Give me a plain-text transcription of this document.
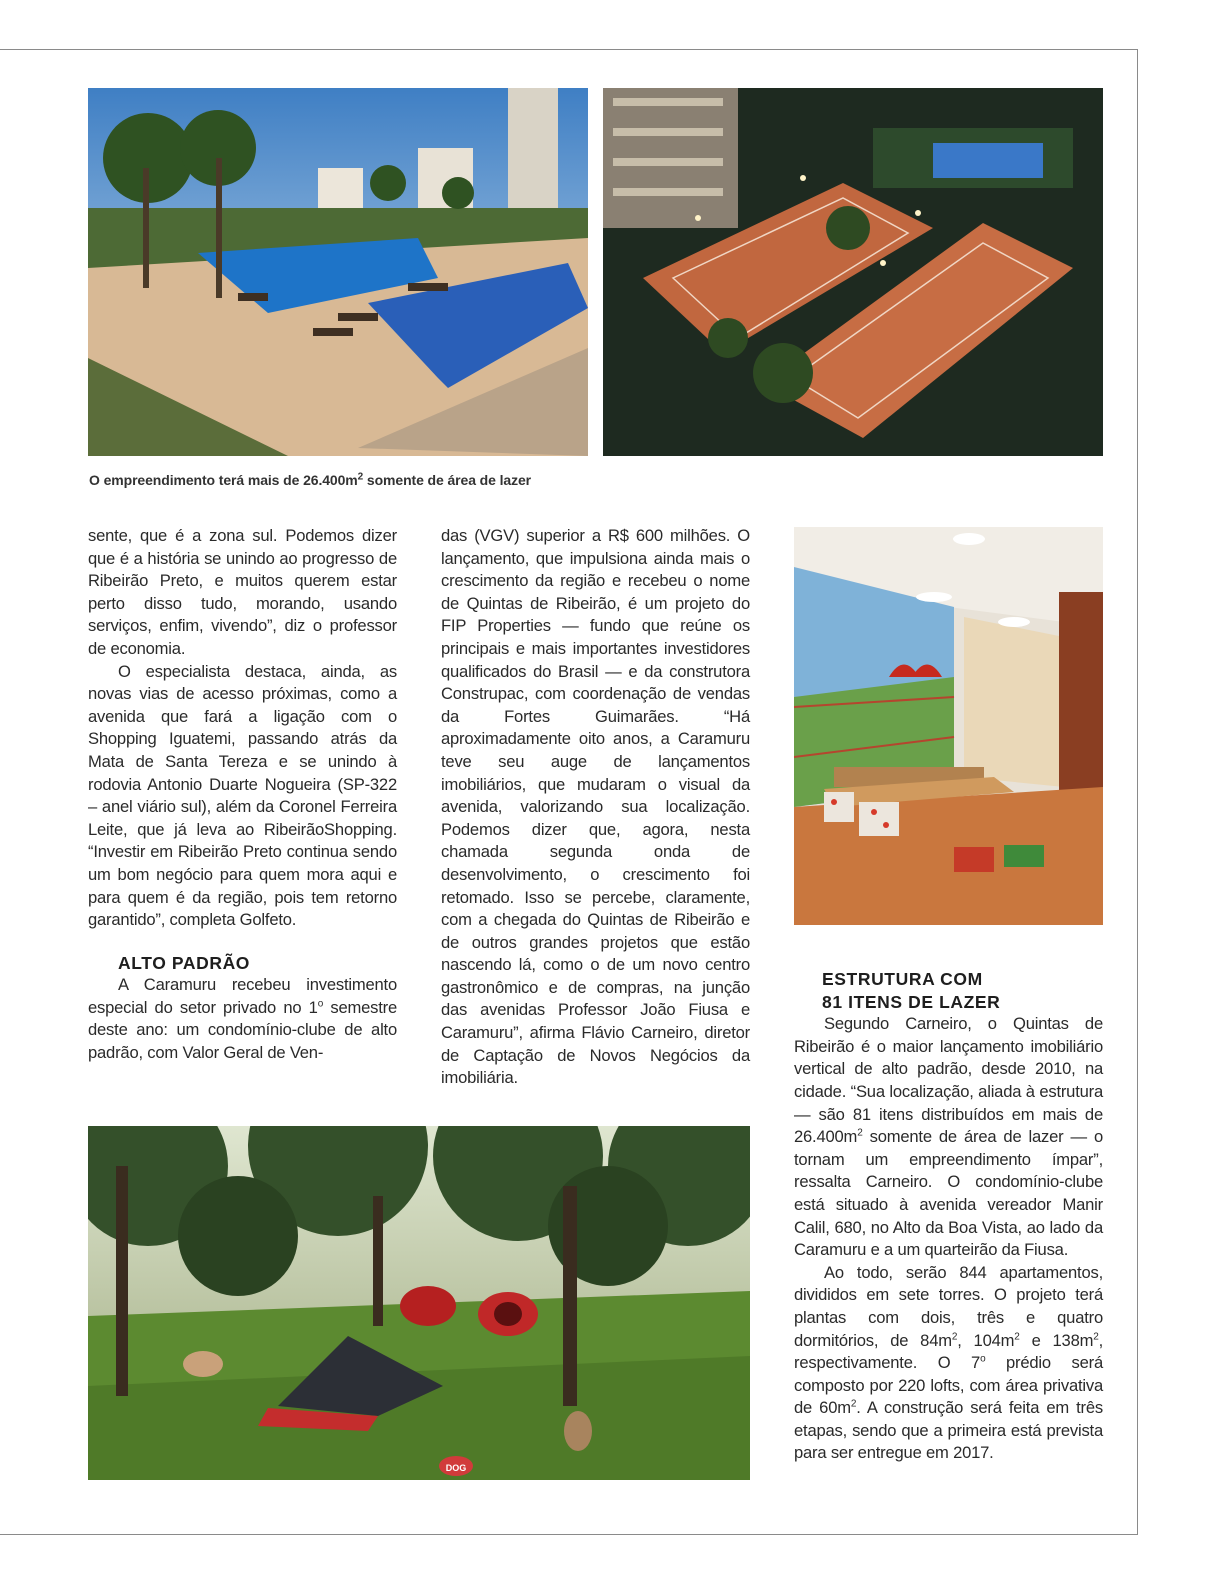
O empreendimento terá mais de $26.400m^2$ somente de área de lazer

sente, que é a zona sul. Podemos dizer que é a história se unindo ao progresso de Ribeirão Preto, e muitos querem estar perto disso tudo, morando, usando serviços, enfim, vivendo”, diz o professor de economia.

O especialista destaca, ainda, as novas vias de acesso próximas, como a avenida que fará a ligação com o Shopping Iguatemi, passando atrás da Mata de Santa Tereza e se unindo à rodovia Antonio Duarte Nogueira (SP-322 – anel viário sul), além da Coronel Ferreira Leite, que já leva ao RibeirãoShopping. “Investir em Ribeirão Preto continua sendo um bom negócio para quem mora aqui e para quem é da região, pois tem retorno garantido”, completa Golfeto.

ALTO PADRÃO

A Caramuru recebeu investimento especial do setor privado no 1$^o$ semestre deste ano: um condomínio-clube de alto padrão, com Valor Geral de Ven-

das (VGV) superior a R$ 600 milhões. O lançamento, que impulsiona ainda mais o crescimento da região e recebeu o nome de Quintas de Ribeirão, é um projeto do FIP Properties — fundo que reúne os principais e mais importantes investidores qualificados do Brasil — e da construtora Construpac, com coordenação de vendas da Fortes Guimarães. “Há aproximadamente oito anos, a Caramuru teve seu auge de lançamentos imobiliários, que mudaram o visual da avenida, valorizando sua localização. Podemos dizer que, agora, nesta chamada segunda onda de desenvolvimento, o crescimento foi retomado. Isso se percebe, claramente, com a chegada do Quintas de Ribeirão e de outros grandes projetos que estão nascendo lá, como o de um novo centro gastronômico e de compras, na junção das avenidas Professor João Fiusa e Caramuru”, afirma Flávio Carneiro, diretor de Captação de Novos Negócios da imobiliária.

ESTRUTURA COM
81 ITENS DE LAZER

Segundo Carneiro, o Quintas de Ribeirão é o maior lançamento imobiliário vertical de alto padrão, desde 2010, na cidade. “Sua localização, aliada à estrutura — são 81 itens distribuídos em mais de $26.400m^2$ somente de área de lazer — o tornam um empreendimento ímpar”, ressalta Carneiro. O condomínio-clube está situado à avenida vereador Manir Calil, 680, no Alto da Boa Vista, ao lado da Caramuru e a um quarteirão da Fiusa.

Ao todo, serão 844 apartamentos, divididos em sete torres. O projeto terá plantas com dois, três e quatro dormitórios, de $84m^2$, $104m^2$ e $138m^2$, respectivamente. O 7$^o$ prédio será composto por 220 lofts, com área privativa de $60m^2$. A construção será feita em três etapas, sendo que a primeira está prevista para ser entregue em 2017.

DOG
